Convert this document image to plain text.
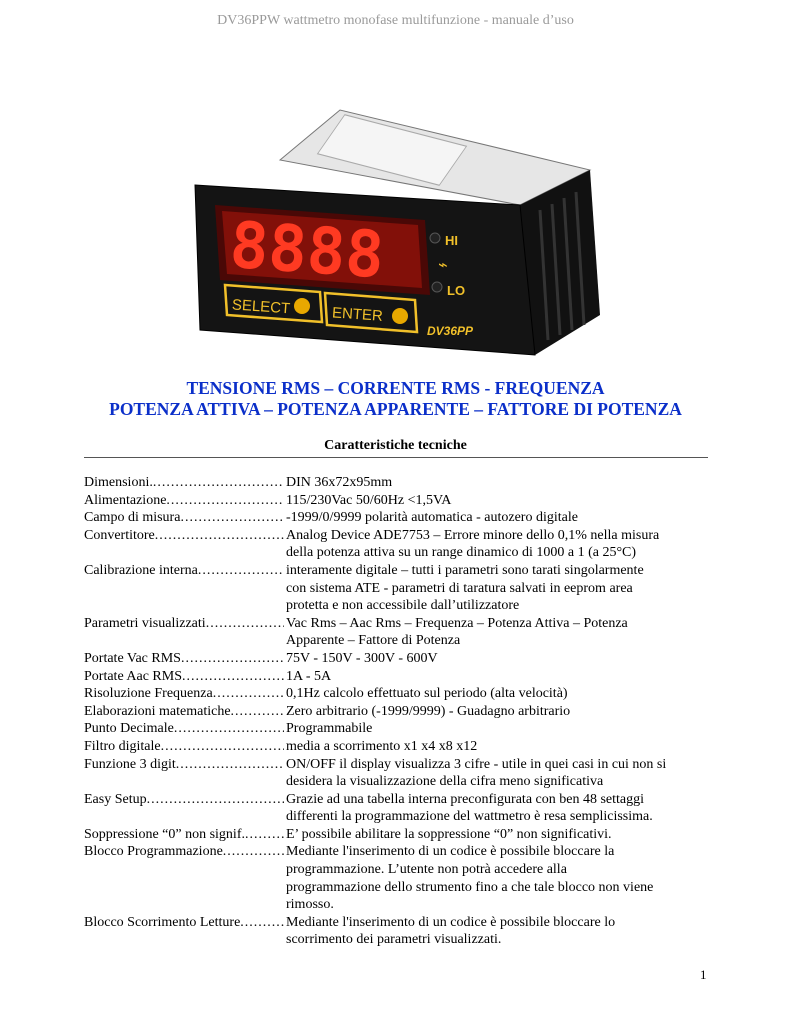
DV36PPW wattmetro monofase multifunzione - manuale d’uso
8888	HI
⌁
LO
SELECT	ENTER
DV36PP
TENSIONE RMS – CORRENTE RMS - FREQUENZA
POTENZA ATTIVA – POTENZA APPARENTE – FATTORE DI POTENZA
Caratteristiche tecniche
Dimensioni. .....	DIN 36x72x95mm
Alimentazione .....	115/230Vac 50/60Hz <1,5VA
Campo di misura .....	-1999/0/9999 polarità automatica - autozero digitale
Convertitore .....	Analog Device ADE7753 – Errore minore dello 0,1% nella misura
della potenza attiva su un range dinamico di 1000 a 1 (a 25°C)
Calibrazione interna .....	interamente digitale – tutti i parametri sono tarati singolarmente
con sistema ATE - parametri di taratura salvati in eeprom area
protetta e non accessibile dall’utilizzatore
Parametri visualizzati .....	Vac Rms – Aac Rms – Frequenza – Potenza Attiva – Potenza
Apparente – Fattore di Potenza
Portate Vac RMS .....	75V - 150V - 300V - 600V
Portate Aac RMS .....	1A - 5A
Risoluzione Frequenza .....	0,1Hz calcolo effettuato sul periodo (alta velocità)
Elaborazioni matematiche .....	Zero arbitrario (-1999/9999) - Guadagno arbitrario
Punto Decimale .....	Programmabile
Filtro digitale .....	media a scorrimento x1 x4 x8 x12
Funzione 3 digit .....	ON/OFF il display visualizza 3 cifre - utile in quei casi in cui non si
desidera la visualizzazione della cifra meno significativa
Easy Setup .....	Grazie ad una tabella interna preconfigurata con ben 48 settaggi
differenti la programmazione del wattmetro è resa semplicissima.
Soppressione “0” non signif. .....	E’ possibile abilitare la soppressione “0” non significativi.
Blocco Programmazione .....	Mediante l'inserimento di un codice è possibile bloccare la
programmazione. L’utente non potrà accedere alla
programmazione dello strumento fino a che tale blocco non viene
rimosso.
Blocco Scorrimento Letture .....	Mediante l'inserimento di un codice è possibile bloccare lo
scorrimento dei parametri visualizzati.
1
